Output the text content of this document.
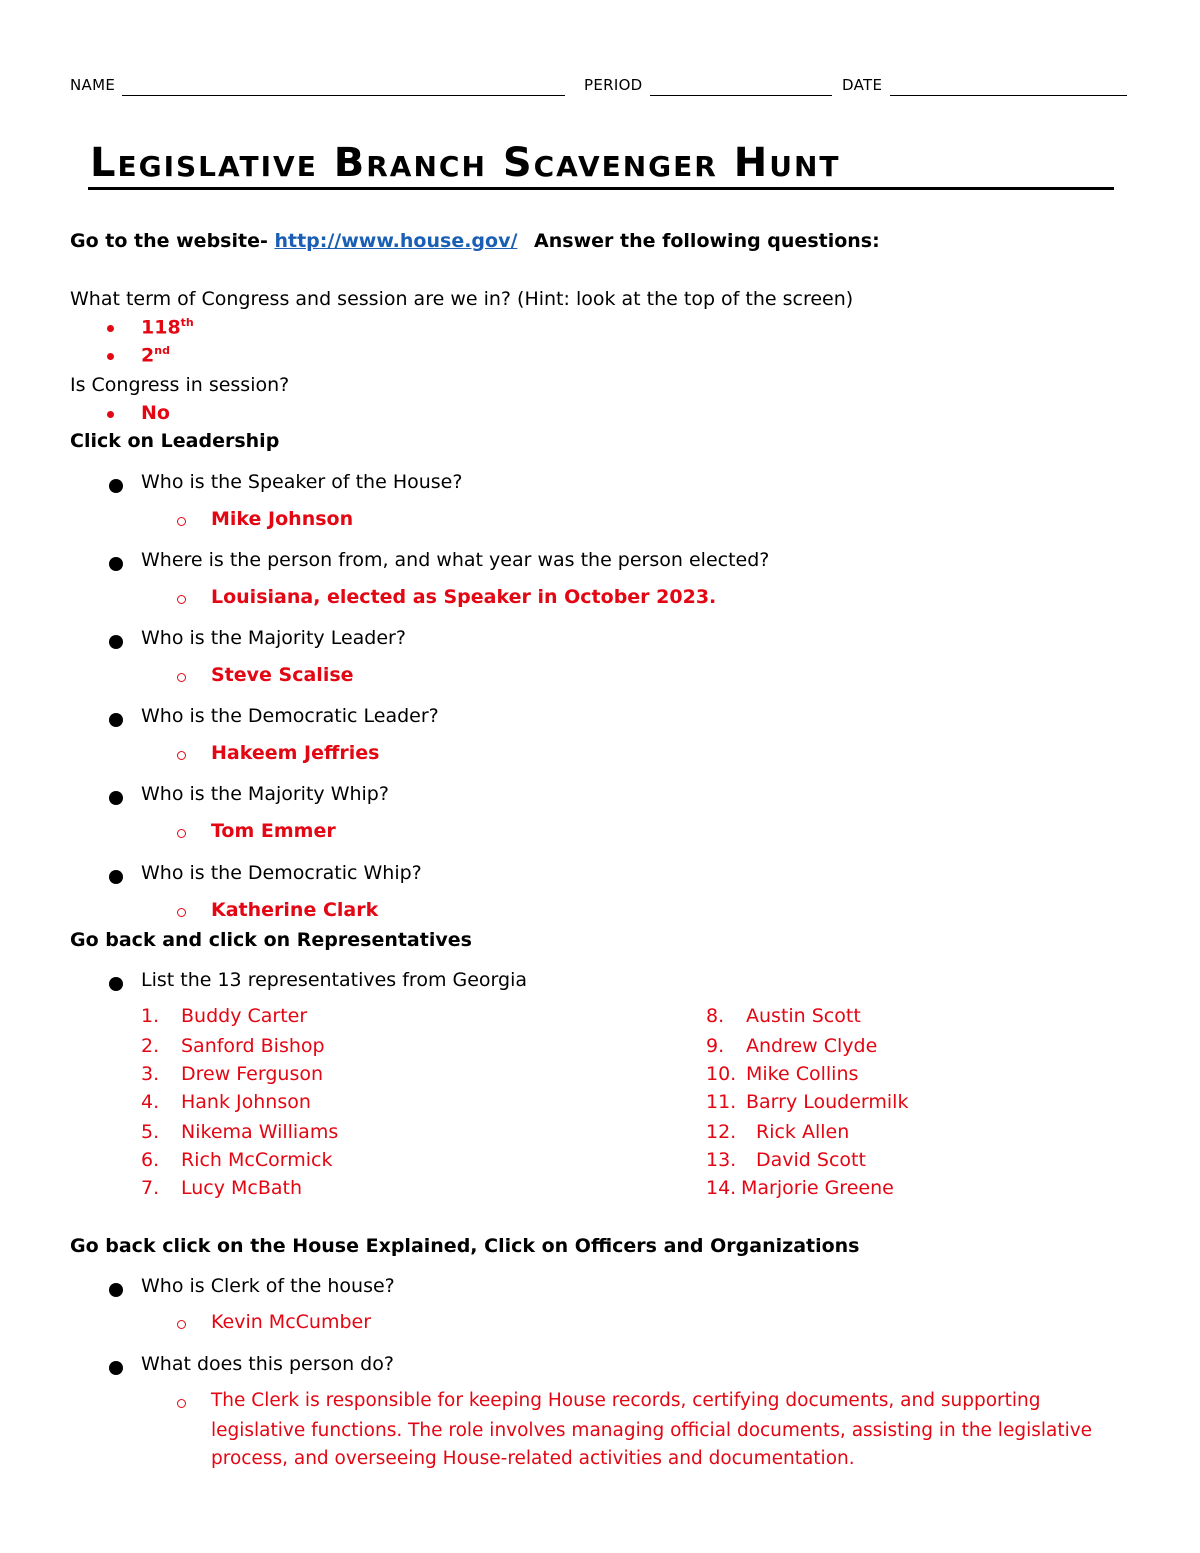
NAME	PERIOD	DATE
Legislative Branch Scavenger Hunt
Go to the website- http://www.house.gov/ Answer the following questions:
What term of Congress and session are we in? (Hint: look at the top of the screen)
118th
2nd
Is Congress in session?
No
Click on Leadership
Who is the Speaker of the House?
Mike Johnson
Where is the person from, and what year was the person elected?
Louisiana, elected as Speaker in October 2023.
Who is the Majority Leader?
Steve Scalise
Who is the Democratic Leader?
Hakeem Jeffries
Who is the Majority Whip?
Tom Emmer
Who is the Democratic Whip?
Katherine Clark
Go back and click on Representatives
List the 13 representatives from Georgia
1. Buddy Carter
2. Sanford Bishop
3. Drew Ferguson
4. Hank Johnson
5. Nikema Williams
6. Rich McCormick
7. Lucy McBath
8. Austin Scott
9. Andrew Clyde
10. Mike Collins
11. Barry Loudermilk
12. Rick Allen
13. David Scott
14. Marjorie Greene
Go back click on the House Explained, Click on Officers and Organizations
Who is Clerk of the house?
Kevin McCumber
What does this person do?
The Clerk is responsible for keeping House records, certifying documents, and supporting
legislative functions. The role involves managing official documents, assisting in the legislative
process, and overseeing House-related activities and documentation.
